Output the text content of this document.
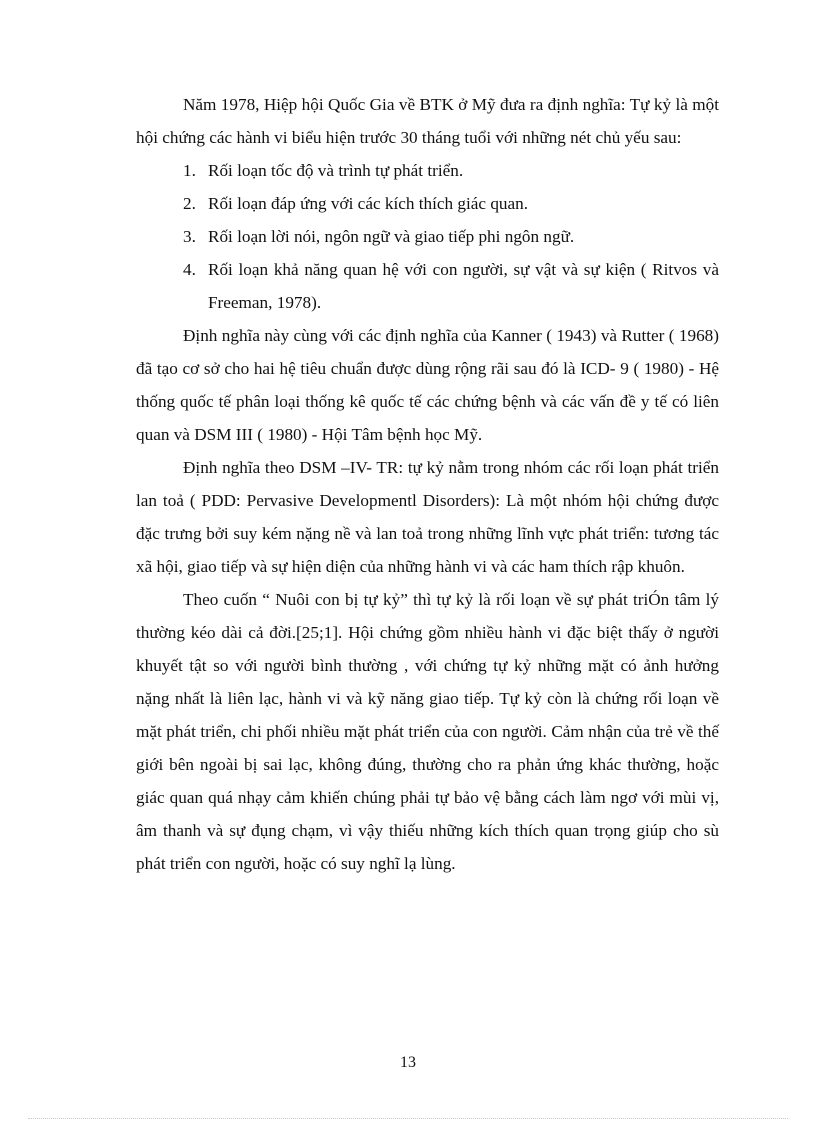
Năm 1978, Hiệp hội Quốc Gia về BTK ở Mỹ đưa ra định nghĩa: Tự kỷ là một hội chứng các hành vi biểu hiện trước 30 tháng tuổi với những nét chủ yếu sau:

1. Rối loạn tốc độ và trình tự phát triển.
2. Rối loạn đáp ứng với các kích thích giác quan.
3. Rối loạn lời nói, ngôn ngữ và giao tiếp phi ngôn ngữ.
4. Rối loạn khả năng quan hệ với con người, sự vật và sự kiện ( Ritvos và Freeman, 1978).

Định nghĩa này cùng với các định nghĩa của Kanner ( 1943) và Rutter ( 1968) đã tạo cơ sở cho hai hệ tiêu chuẩn được dùng rộng rãi sau đó là ICD- 9 ( 1980) - Hệ thống quốc tế phân loại thống kê quốc tế các chứng bệnh và các vấn đề y tế có liên quan và DSM III ( 1980) - Hội Tâm bệnh học Mỹ.

Định nghĩa theo DSM –IV- TR: tự kỷ nằm trong nhóm các rối loạn phát triển lan toả ( PDD: Pervasive Developmentl Disorders): Là một nhóm hội chứng được đặc trưng bởi suy kém nặng nề và lan toả trong những lĩnh vực phát triển: tương tác xã hội, giao tiếp và sự hiện diện của những hành vi và các ham thích rập khuôn.

Theo cuốn “ Nuôi con bị tự kỷ” thì tự kỷ là rối loạn về sự phát triÓn tâm lý thường kéo dài cả đời.[25;1]. Hội chứng gồm nhiều hành vi đặc biệt thấy ở người khuyết tật so với người bình thường , với chứng tự kỷ những mặt có ảnh hưởng nặng nhất là liên lạc, hành vi và kỹ năng giao tiếp. Tự kỷ còn là chứng rối loạn về mặt phát triển, chi phối nhiều mặt phát triển của con người. Cảm nhận của trẻ về thế giới bên ngoài bị sai lạc, không đúng, thường cho ra phản ứng khác thường, hoặc giác quan quá nhạy cảm khiến chúng phải tự bảo vệ bằng cách làm ngơ với mùi vị, âm thanh và sự đụng chạm, vì vậy thiếu những kích thích quan trọng giúp cho sù phát triển con người, hoặc có suy nghĩ lạ lùng.

13
